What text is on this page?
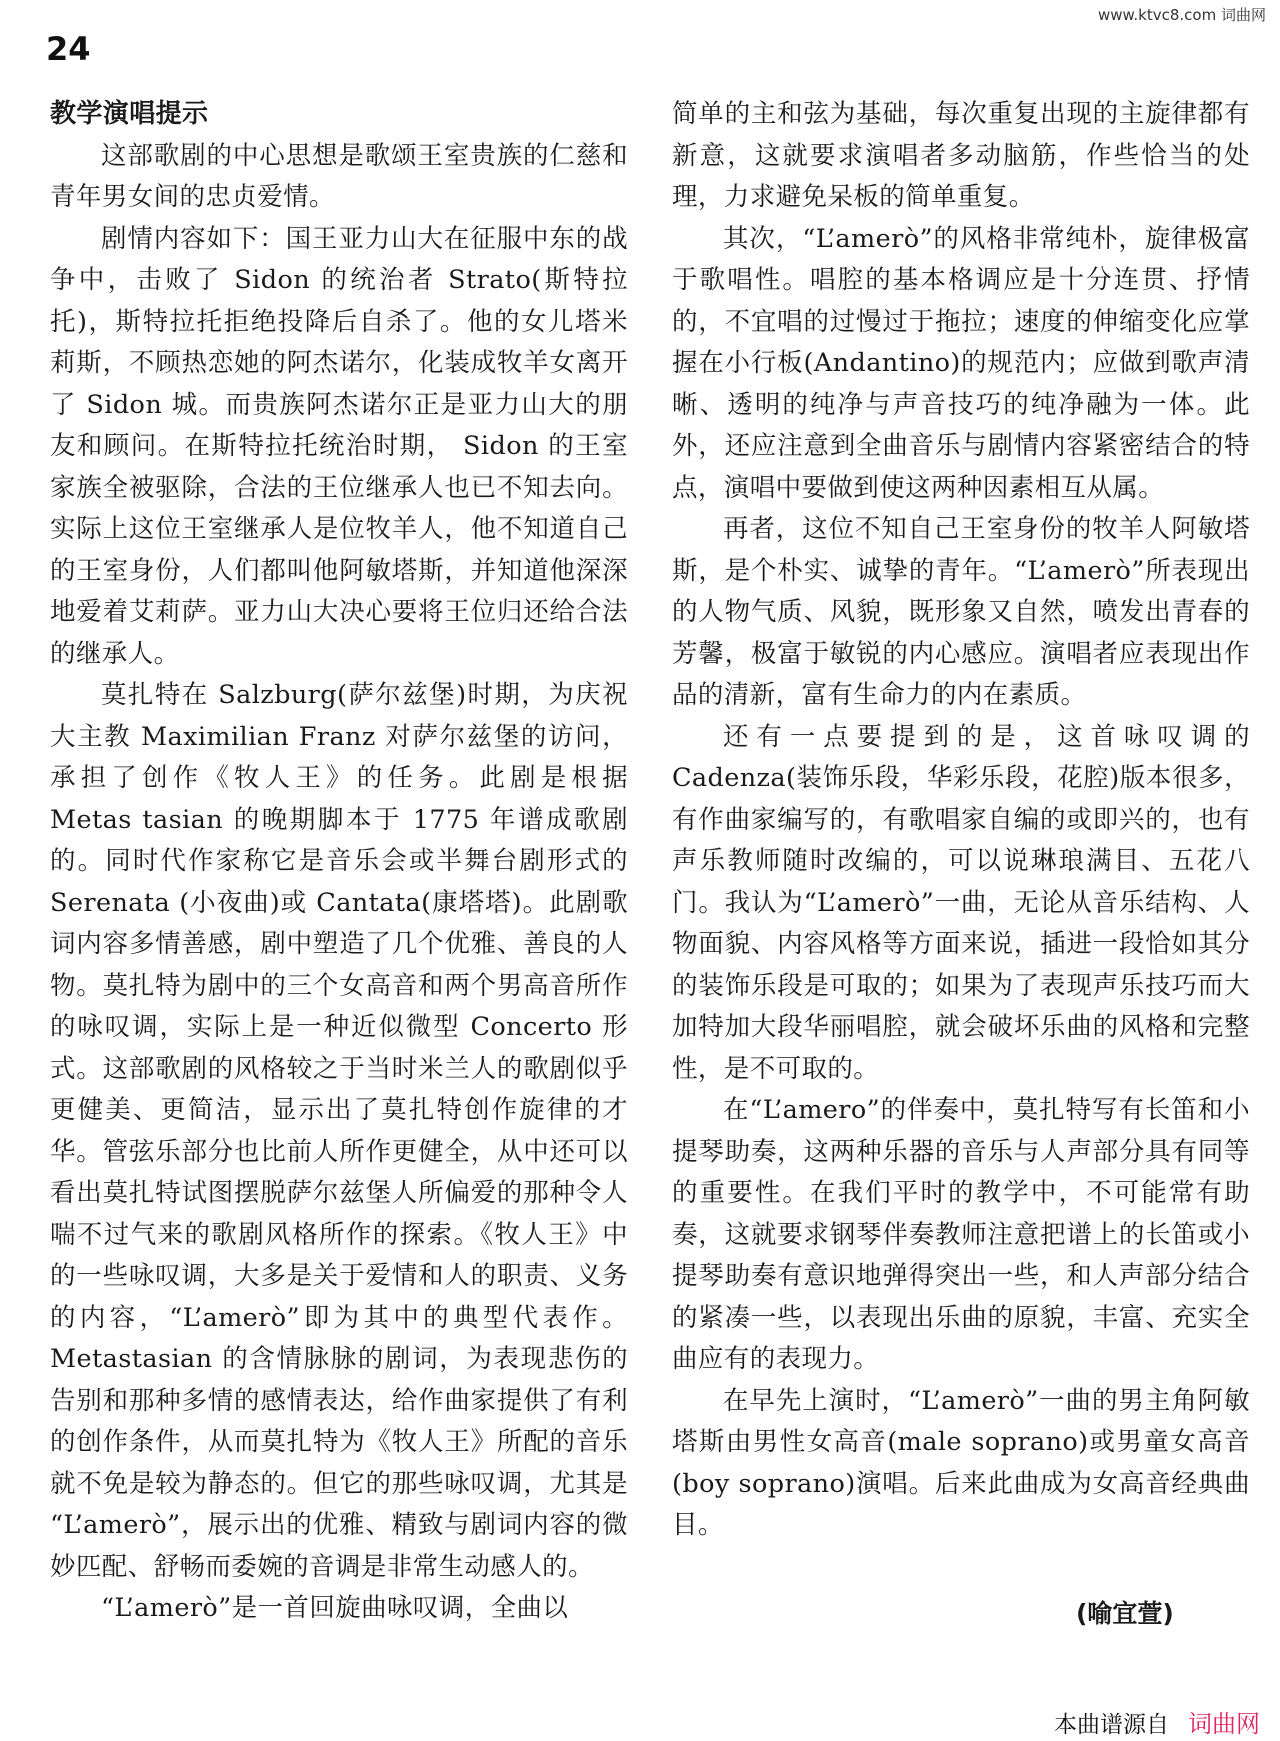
www.ktvc8.com 词曲网
24

教学演唱提示

这部歌剧的中心思想是歌颂王室贵族的仁慈和青年男女间的忠贞爱情。

剧情内容如下：国王亚力山大在征服中东的战争中，击败了 Sidon 的统治者 Strato(斯特拉托)，斯特拉托拒绝投降后自杀了。他的女儿塔米莉斯，不顾热恋她的阿杰诺尔，化装成牧羊女离开了 Sidon 城。而贵族阿杰诺尔正是亚力山大的朋友和顾问。在斯特拉托统治时期， Sidon 的王室家族全被驱除，合法的王位继承人也已不知去向。实际上这位王室继承人是位牧羊人，他不知道自己的王室身份，人们都叫他阿敏塔斯，并知道他深深地爱着艾莉萨。亚力山大决心要将王位归还给合法的继承人。

莫扎特在 Salzburg(萨尔兹堡)时期，为庆祝大主教 Maximilian Franz 对萨尔兹堡的访问，承担了创作《牧人王》的任务。此剧是根据 Metas tasian 的晚期脚本于 1775 年谱成歌剧的。同时代作家称它是音乐会或半舞台剧形式的 Serenata (小夜曲)或 Cantata(康塔塔)。此剧歌词内容多情善感，剧中塑造了几个优雅、善良的人物。莫扎特为剧中的三个女高音和两个男高音所作的咏叹调，实际上是一种近似微型 Concerto 形式。这部歌剧的风格较之于当时米兰人的歌剧似乎更健美、更简洁，显示出了莫扎特创作旋律的才华。管弦乐部分也比前人所作更健全，从中还可以看出莫扎特试图摆脱萨尔兹堡人所偏爱的那种令人喘不过气来的歌剧风格所作的探索。《牧人王》中的一些咏叹调，大多是关于爱情和人的职责、义务的内容，“L’amerò”即为其中的典型代表作。 Metastasian 的含情脉脉的剧词，为表现悲伤的告别和那种多情的感情表达，给作曲家提供了有利的创作条件，从而莫扎特为《牧人王》所配的音乐就不免是较为静态的。但它的那些咏叹调，尤其是 “L’amerò”，展示出的优雅、精致与剧词内容的微妙匹配、舒畅而委婉的音调是非常生动感人的。

“L’amerò”是一首回旋曲咏叹调，全曲以

简单的主和弦为基础，每次重复出现的主旋律都有新意，这就要求演唱者多动脑筋，作些恰当的处理，力求避免呆板的简单重复。

其次，“L’amerò”的风格非常纯朴，旋律极富于歌唱性。唱腔的基本格调应是十分连贯、抒情的，不宜唱的过慢过于拖拉；速度的伸缩变化应掌握在小行板(Andantino)的规范内；应做到歌声清晰、透明的纯净与声音技巧的纯净融为一体。此外，还应注意到全曲音乐与剧情内容紧密结合的特点，演唱中要做到使这两种因素相互从属。

再者，这位不知自己王室身份的牧羊人阿敏塔斯，是个朴实、诚挚的青年。“L’amerò”所表现出的人物气质、风貌，既形象又自然，喷发出青春的芳馨，极富于敏锐的内心感应。演唱者应表现出作品的清新，富有生命力的内在素质。

还有一点要提到的是，这首咏叹调的 Cadenza(装饰乐段，华彩乐段，花腔)版本很多，有作曲家编写的，有歌唱家自编的或即兴的，也有声乐教师随时改编的，可以说琳琅满目、五花八门。我认为“L’amerò”一曲，无论从音乐结构、人物面貌、内容风格等方面来说，插进一段恰如其分的装饰乐段是可取的；如果为了表现声乐技巧而大加特加大段华丽唱腔，就会破坏乐曲的风格和完整性，是不可取的。

在“L’amero”的伴奏中，莫扎特写有长笛和小提琴助奏，这两种乐器的音乐与人声部分具有同等的重要性。在我们平时的教学中，不可能常有助奏，这就要求钢琴伴奏教师注意把谱上的长笛或小提琴助奏有意识地弹得突出一些，和人声部分结合的紧凑一些，以表现出乐曲的原貌，丰富、充实全曲应有的表现力。

在早先上演时，“L’amerò”一曲的男主角阿敏塔斯由男性女高音(male soprano)或男童女高音(boy soprano)演唱。后来此曲成为女高音经典曲目。

(喻宜萱)
本曲谱源自 词曲网
